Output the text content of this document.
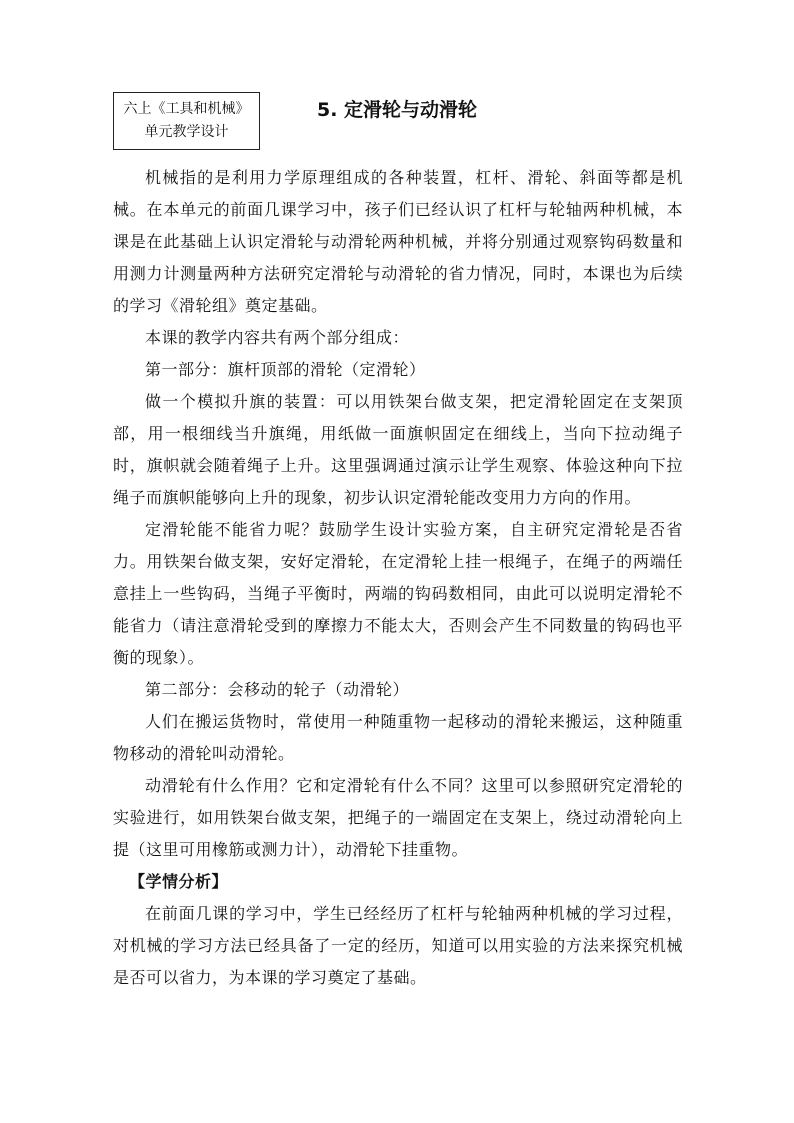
六上《工具和机械》
单元教学设计
5. 定滑轮与动滑轮

机械指的是利用力学原理组成的各种装置，杠杆、滑轮、斜面等都是机械。在本单元的前面几课学习中，孩子们已经认识了杠杆与轮轴两种机械，本课是在此基础上认识定滑轮与动滑轮两种机械，并将分别通过观察钩码数量和用测力计测量两种方法研究定滑轮与动滑轮的省力情况，同时，本课也为后续的学习《滑轮组》奠定基础。

本课的教学内容共有两个部分组成：

第一部分：旗杆顶部的滑轮（定滑轮）

做一个模拟升旗的装置：可以用铁架台做支架，把定滑轮固定在支架顶部，用一根细线当升旗绳，用纸做一面旗帜固定在细线上，当向下拉动绳子时，旗帜就会随着绳子上升。这里强调通过演示让学生观察、体验这种向下拉绳子而旗帜能够向上升的现象，初步认识定滑轮能改变用力方向的作用。

定滑轮能不能省力呢？鼓励学生设计实验方案，自主研究定滑轮是否省力。用铁架台做支架，安好定滑轮，在定滑轮上挂一根绳子，在绳子的两端任意挂上一些钩码，当绳子平衡时，两端的钩码数相同，由此可以说明定滑轮不能省力（请注意滑轮受到的摩擦力不能太大，否则会产生不同数量的钩码也平衡的现象）。

第二部分：会移动的轮子（动滑轮）

人们在搬运货物时，常使用一种随重物一起移动的滑轮来搬运，这种随重物移动的滑轮叫动滑轮。

动滑轮有什么作用？它和定滑轮有什么不同？这里可以参照研究定滑轮的实验进行，如用铁架台做支架，把绳子的一端固定在支架上，绕过动滑轮向上提（这里可用橡筋或测力计），动滑轮下挂重物。

【学情分析】

在前面几课的学习中，学生已经经历了杠杆与轮轴两种机械的学习过程，对机械的学习方法已经具备了一定的经历，知道可以用实验的方法来探究机械是否可以省力，为本课的学习奠定了基础。
